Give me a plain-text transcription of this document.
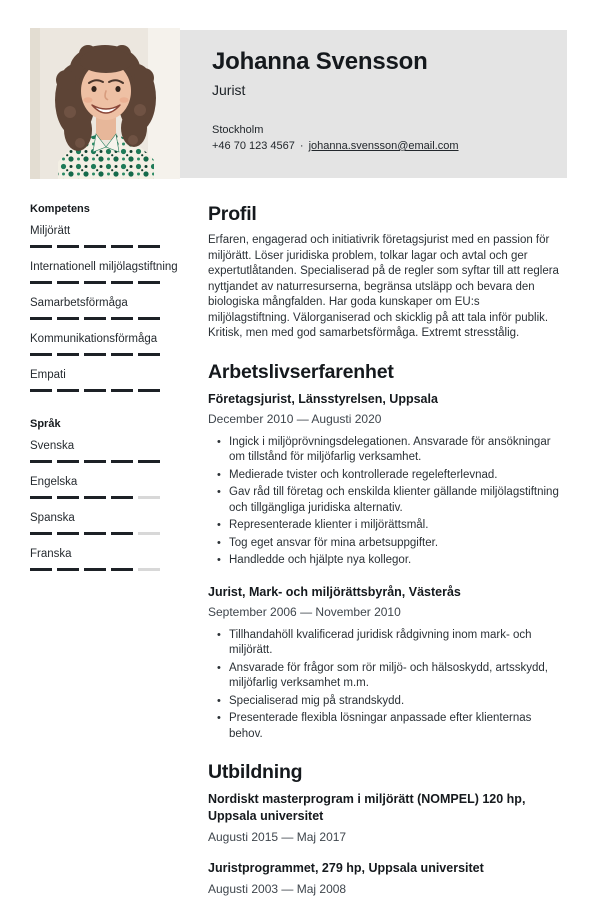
Johanna Svensson

Jurist

Stockholm
+46 70 123 4567 · johanna.svensson@email.com
Kompetens
Miljörätt
Internationell miljölagstiftning
Samarbetsförmåga
Kommunikationsförmåga
Empati
Språk
Svenska
Engelska
Spanska
Franska
Profil

Erfaren, engagerad och initiativrik företagsjurist med en passion för miljörätt. Löser juridiska problem, tolkar lagar och avtal och ger expertutlåtanden. Specialiserad på de regler som syftar till att reglera nyttjandet av naturresurserna, begränsa utsläpp och bevara den biologiska mångfalden. Har goda kunskaper om EU:s miljölagstiftning. Välorganiserad och skicklig på att tala inför publik. Kritisk, men med god samarbetsförmåga. Extremt stresstålig.

Arbetslivserfarenhet
Företagsjurist, Länsstyrelsen, Uppsala

December 2010 — Augusti 2020

• Ingick i miljöprövningsdelegationen. Ansvarade för ansökningar om tillstånd för miljöfarlig verksamhet.
• Medierade tvister och kontrollerade regelefterlevnad.
• Gav råd till företag och enskilda klienter gällande miljölagstiftning och tillgängliga juridiska alternativ.
• Representerade klienter i miljörättsmål.
• Tog eget ansvar för mina arbetsuppgifter.
• Handledde och hjälpte nya kollegor.
Jurist, Mark- och miljörättsbyrån, Västerås

September 2006 — November 2010

• Tillhandahöll kvalificerad juridisk rådgivning inom mark- och miljörätt.
• Ansvarade för frågor som rör miljö- och hälsoskydd, artsskydd, miljöfarlig verksamhet m.m.
• Specialiserad mig på strandskydd.
• Presenterade flexibla lösningar anpassade efter klienternas behov.
Utbildning
Nordiskt masterprogram i miljörätt (NOMPEL) 120 hp, Uppsala universitet

Augusti 2015 — Maj 2017

Juristprogrammet, 279 hp, Uppsala universitet

Augusti 2003 — Maj 2008
